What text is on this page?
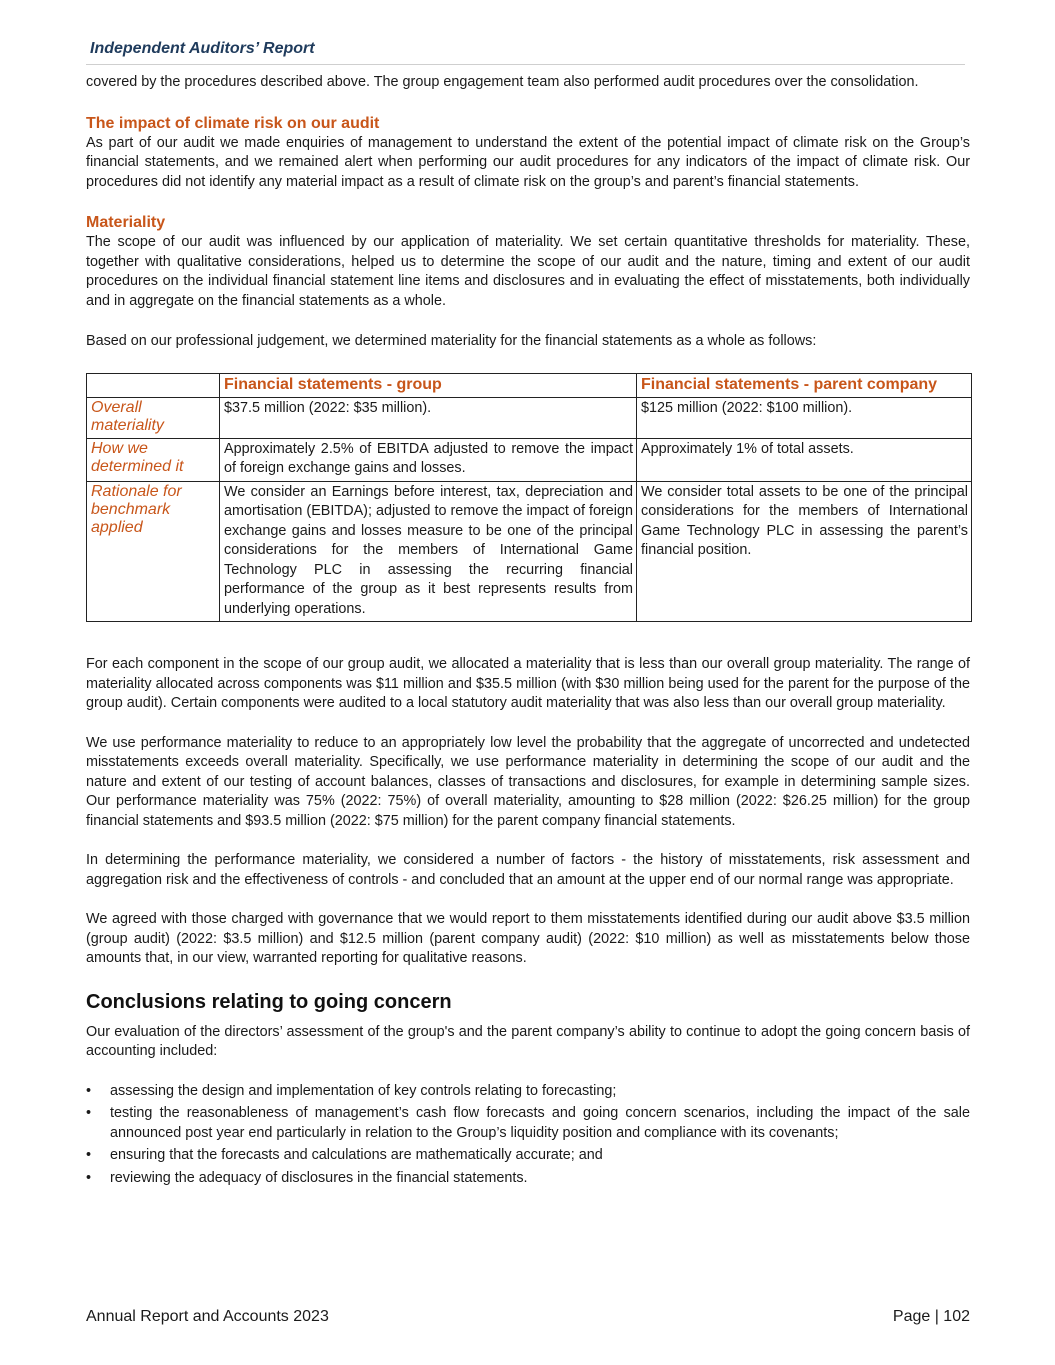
Independent Auditors’ Report

covered by the procedures described above. The group engagement team also performed audit procedures over the consolidation.

The impact of climate risk on our audit

As part of our audit we made enquiries of management to understand the extent of the potential impact of climate risk on the Group’s financial statements, and we remained alert when performing our audit procedures for any indicators of the impact of climate risk. Our procedures did not identify any material impact as a result of climate risk on the group’s and parent’s financial statements.

Materiality

The scope of our audit was influenced by our application of materiality. We set certain quantitative thresholds for materiality. These, together with qualitative considerations, helped us to determine the scope of our audit and the nature, timing and extent of our audit procedures on the individual financial statement line items and disclosures and in evaluating the effect of misstatements, both individually and in aggregate on the financial statements as a whole.

Based on our professional judgement, we determined materiality for the financial statements as a whole as follows:

	Financial statements - group	Financial statements - parent company
Overall materiality	$37.5 million (2022: $35 million).	$125 million (2022: $100 million).
How we determined it	Approximately 2.5% of EBITDA adjusted to remove the impact of foreign exchange gains and losses.	Approximately 1% of total assets.
Rationale for benchmark applied	We consider an Earnings before interest, tax, depreciation and amortisation (EBITDA); adjusted to remove the impact of foreign exchange gains and losses measure to be one of the principal considerations for the members of International Game Technology PLC in assessing the recurring financial performance of the group as it best represents results from underlying operations.	We consider total assets to be one of the principal considerations for the members of International Game Technology PLC in assessing the parent’s financial position.

For each component in the scope of our group audit, we allocated a materiality that is less than our overall group materiality. The range of materiality allocated across components was $11 million and $35.5 million (with $30 million being used for the parent for the purpose of the group audit). Certain components were audited to a local statutory audit materiality that was also less than our overall group materiality.

We use performance materiality to reduce to an appropriately low level the probability that the aggregate of uncorrected and undetected misstatements exceeds overall materiality. Specifically, we use performance materiality in determining the scope of our audit and the nature and extent of our testing of account balances, classes of transactions and disclosures, for example in determining sample sizes. Our performance materiality was 75% (2022: 75%) of overall materiality, amounting to $28 million (2022: $26.25 million) for the group financial statements and $93.5 million (2022: $75 million) for the parent company financial statements.

In determining the performance materiality, we considered a number of factors - the history of misstatements, risk assessment and aggregation risk and the effectiveness of controls - and concluded that an amount at the upper end of our normal range was appropriate.

We agreed with those charged with governance that we would report to them misstatements identified during our audit above $3.5 million (group audit) (2022: $3.5 million) and $12.5 million (parent company audit) (2022: $10 million) as well as misstatements below those amounts that, in our view, warranted reporting for qualitative reasons.

Conclusions relating to going concern

Our evaluation of the directors’ assessment of the group's and the parent company’s ability to continue to adopt the going concern basis of accounting included:

• assessing the design and implementation of key controls relating to forecasting;
• testing the reasonableness of management’s cash flow forecasts and going concern scenarios, including the impact of the sale announced post year end particularly in relation to the Group’s liquidity position and compliance with its covenants;
• ensuring that the forecasts and calculations are mathematically accurate; and
• reviewing the adequacy of disclosures in the financial statements.
Annual Report and Accounts 2023	Page | 102
